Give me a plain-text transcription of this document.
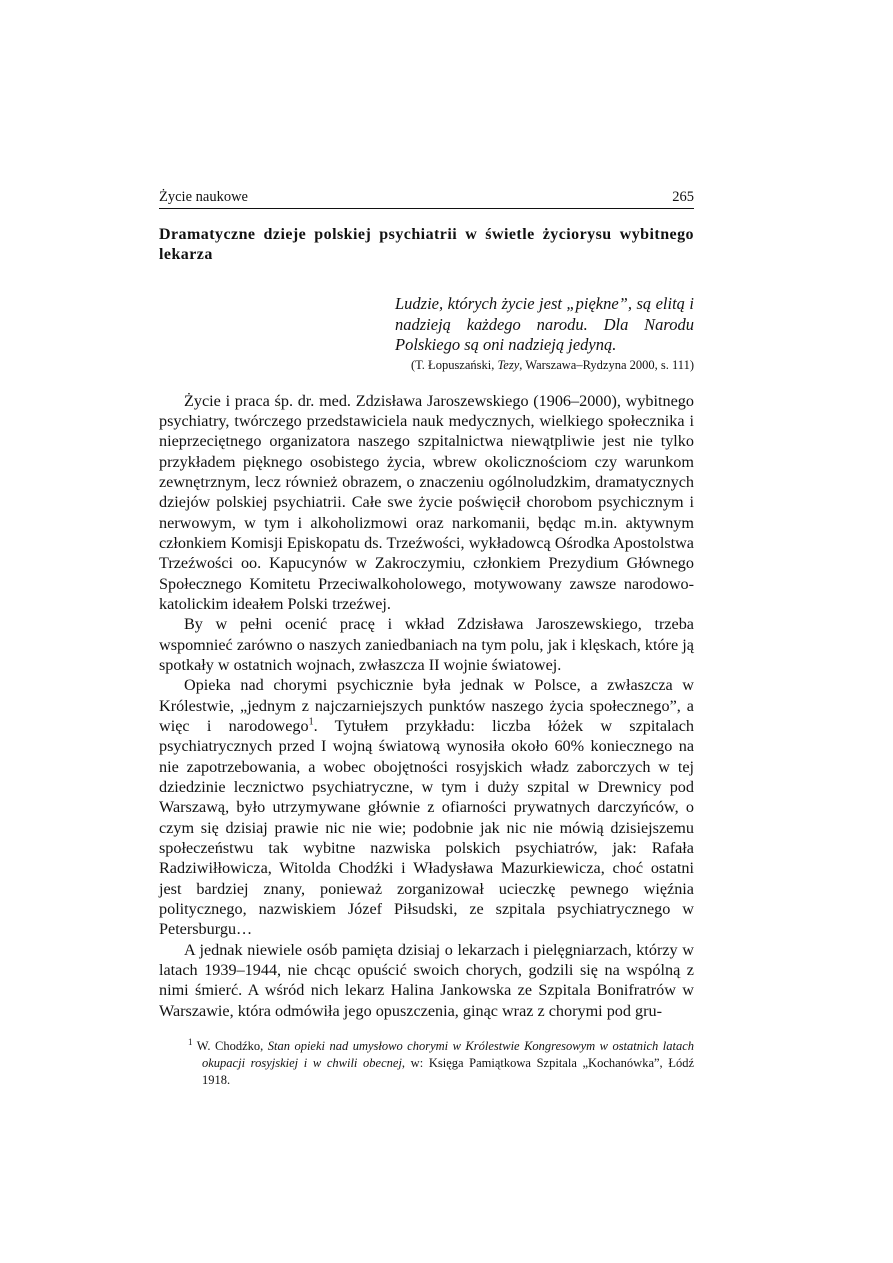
Życie naukowe	265
Dramatyczne dzieje polskiej psychiatrii w świetle życiorysu wybitnego lekarza
Ludzie, których życie jest „piękne”, są elitą i nadzieją każdego narodu. Dla Narodu Polskiego są oni nadzieją jedyną.
(T. Łopuszański, Tezy, Warszawa–Rydzyna 2000, s. 111)

Życie i praca śp. dr. med. Zdzisława Jaroszewskiego (1906–2000), wybitnego psychiatry, twórczego przedstawiciela nauk medycznych, wielkiego społecznika i nieprzeciętnego organizatora naszego szpitalnictwa niewątpliwie jest nie tylko przykładem pięknego osobistego życia, wbrew okolicznościom czy warunkom zewnętrznym, lecz również obrazem, o znaczeniu ogólnoludzkim, dramatycznych dziejów polskiej psychiatrii. Całe swe życie poświęcił chorobom psychicznym i nerwowym, w tym i alkoholizmowi oraz narkomanii, będąc m.in. aktywnym członkiem Komisji Episkopatu ds. Trzeźwości, wykładowcą Ośrodka Apostolstwa Trzeźwości oo. Kapucynów w Zakroczymiu, członkiem Prezydium Głównego Społecznego Komitetu Przeciwalkoholowego, motywowany zawsze narodowo-katolickim ideałem Polski trzeźwej.

By w pełni ocenić pracę i wkład Zdzisława Jaroszewskiego, trzeba wspomnieć zarówno o naszych zaniedbaniach na tym polu, jak i klęskach, które ją spotkały w ostatnich wojnach, zwłaszcza II wojnie światowej.

Opieka nad chorymi psychicznie była jednak w Polsce, a zwłaszcza w Królestwie, „jednym z najczarniejszych punktów naszego życia społecznego”, a więc i narodowego$^1$. Tytułem przykładu: liczba łóżek w szpitalach psychiatrycznych przed I wojną światową wynosiła około 60% koniecznego na nie zapotrzebowania, a wobec obojętności rosyjskich władz zaborczych w tej dziedzinie lecznictwo psychiatryczne, w tym i duży szpital w Drewnicy pod Warszawą, było utrzymywane głównie z ofiarności prywatnych darczyńców, o czym się dzisiaj prawie nic nie wie; podobnie jak nic nie mówią dzisiejszemu społeczeństwu tak wybitne nazwiska polskich psychiatrów, jak: Rafała Radziwiłłowicza, Witolda Chodźki i Władysława Mazurkiewicza, choć ostatni jest bardziej znany, ponieważ zorganizował ucieczkę pewnego więźnia politycznego, nazwiskiem Józef Piłsudski, ze szpitala psychiatrycznego w Petersburgu…

A jednak niewiele osób pamięta dzisiaj o lekarzach i pielęgniarzach, którzy w latach 1939–1944, nie chcąc opuścić swoich chorych, godzili się na wspólną z nimi śmierć. A wśród nich lekarz Halina Jankowska ze Szpitala Bonifratrów w Warszawie, która odmówiła jego opuszczenia, ginąc wraz z chorymi pod gru-

$^1$ W. Chodźko, Stan opieki nad umysłowo chorymi w Królestwie Kongresowym w ostatnich latach okupacji rosyjskiej i w chwili obecnej, w: Księga Pamiątkowa Szpitala „Kochanówka”, Łódź 1918.
